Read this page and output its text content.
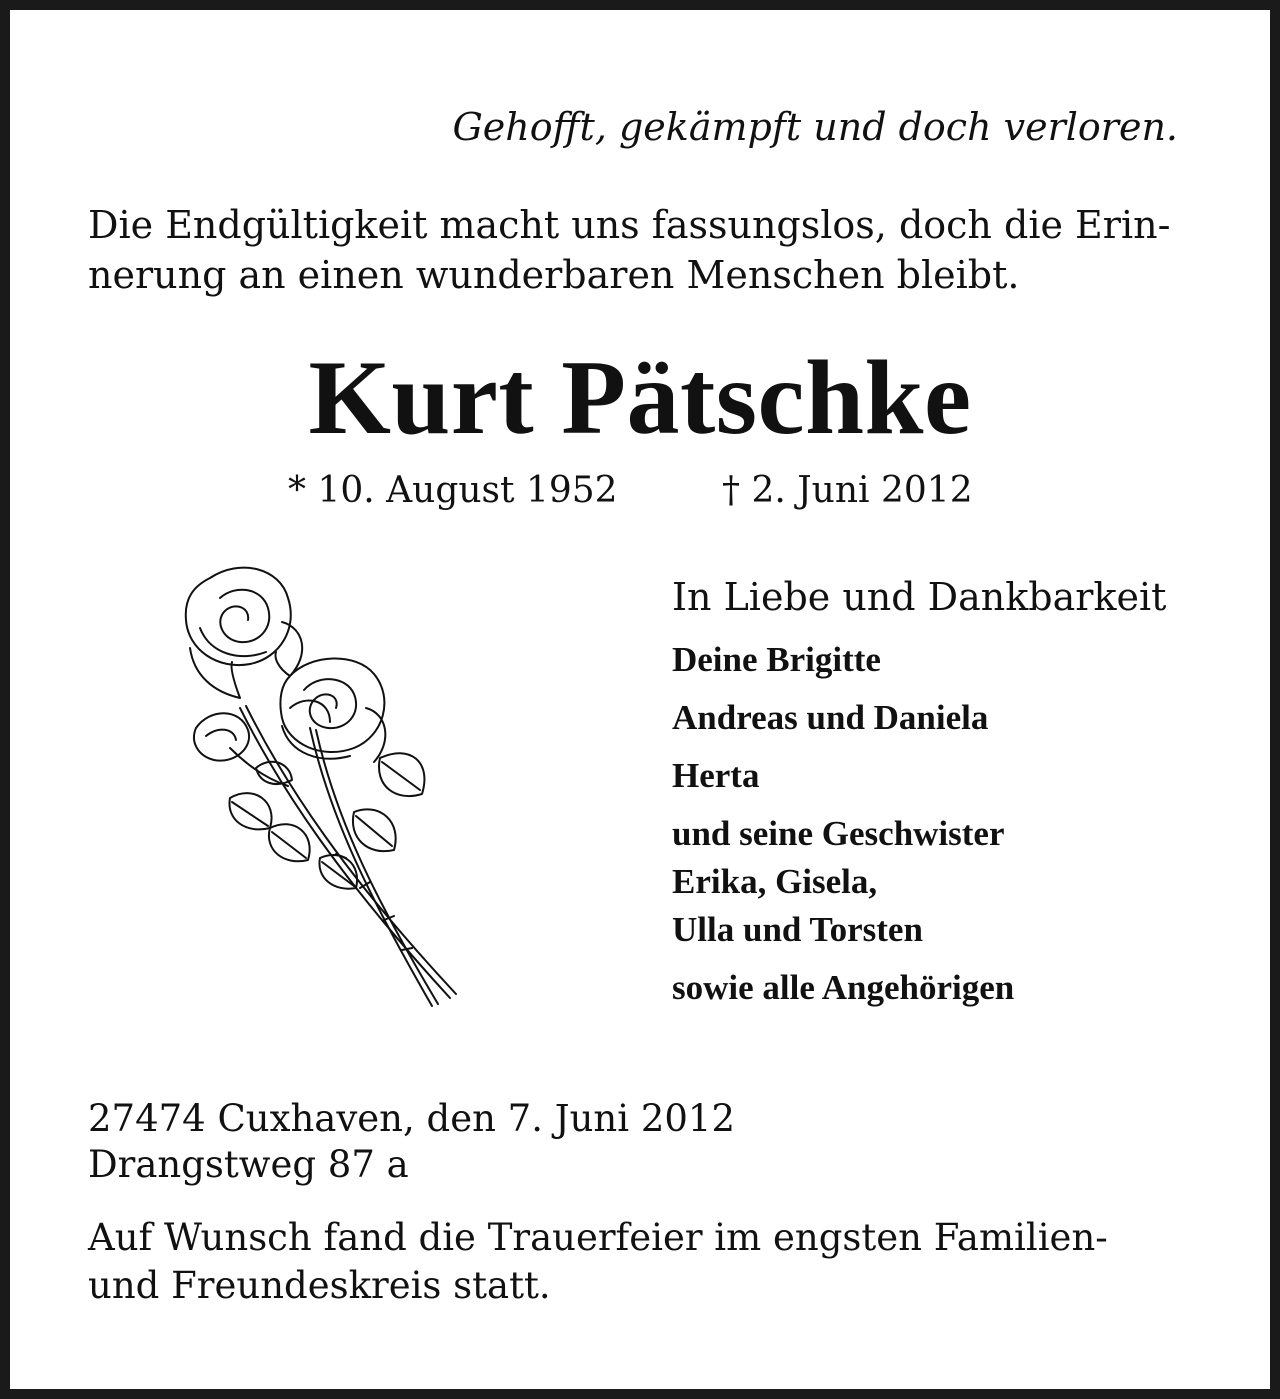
Gehofft, gekämpft und doch verloren.

Die Endgültigkeit macht uns fassungslos, doch die Erin-
nerung an einen wunderbaren Menschen bleibt.

Kurt Pätschke

* 10. August 1952	† 2. Juni 2012

In Liebe und Dankbarkeit

Deine Brigitte

Andreas und Daniela

Herta

und seine Geschwister

Erika, Gisela,

Ulla und Torsten

sowie alle Angehörigen

27474 Cuxhaven, den 7. Juni 2012
Drangstweg 87 a
Auf Wunsch fand die Trauerfeier im engsten Familien-
und Freundeskreis statt.
